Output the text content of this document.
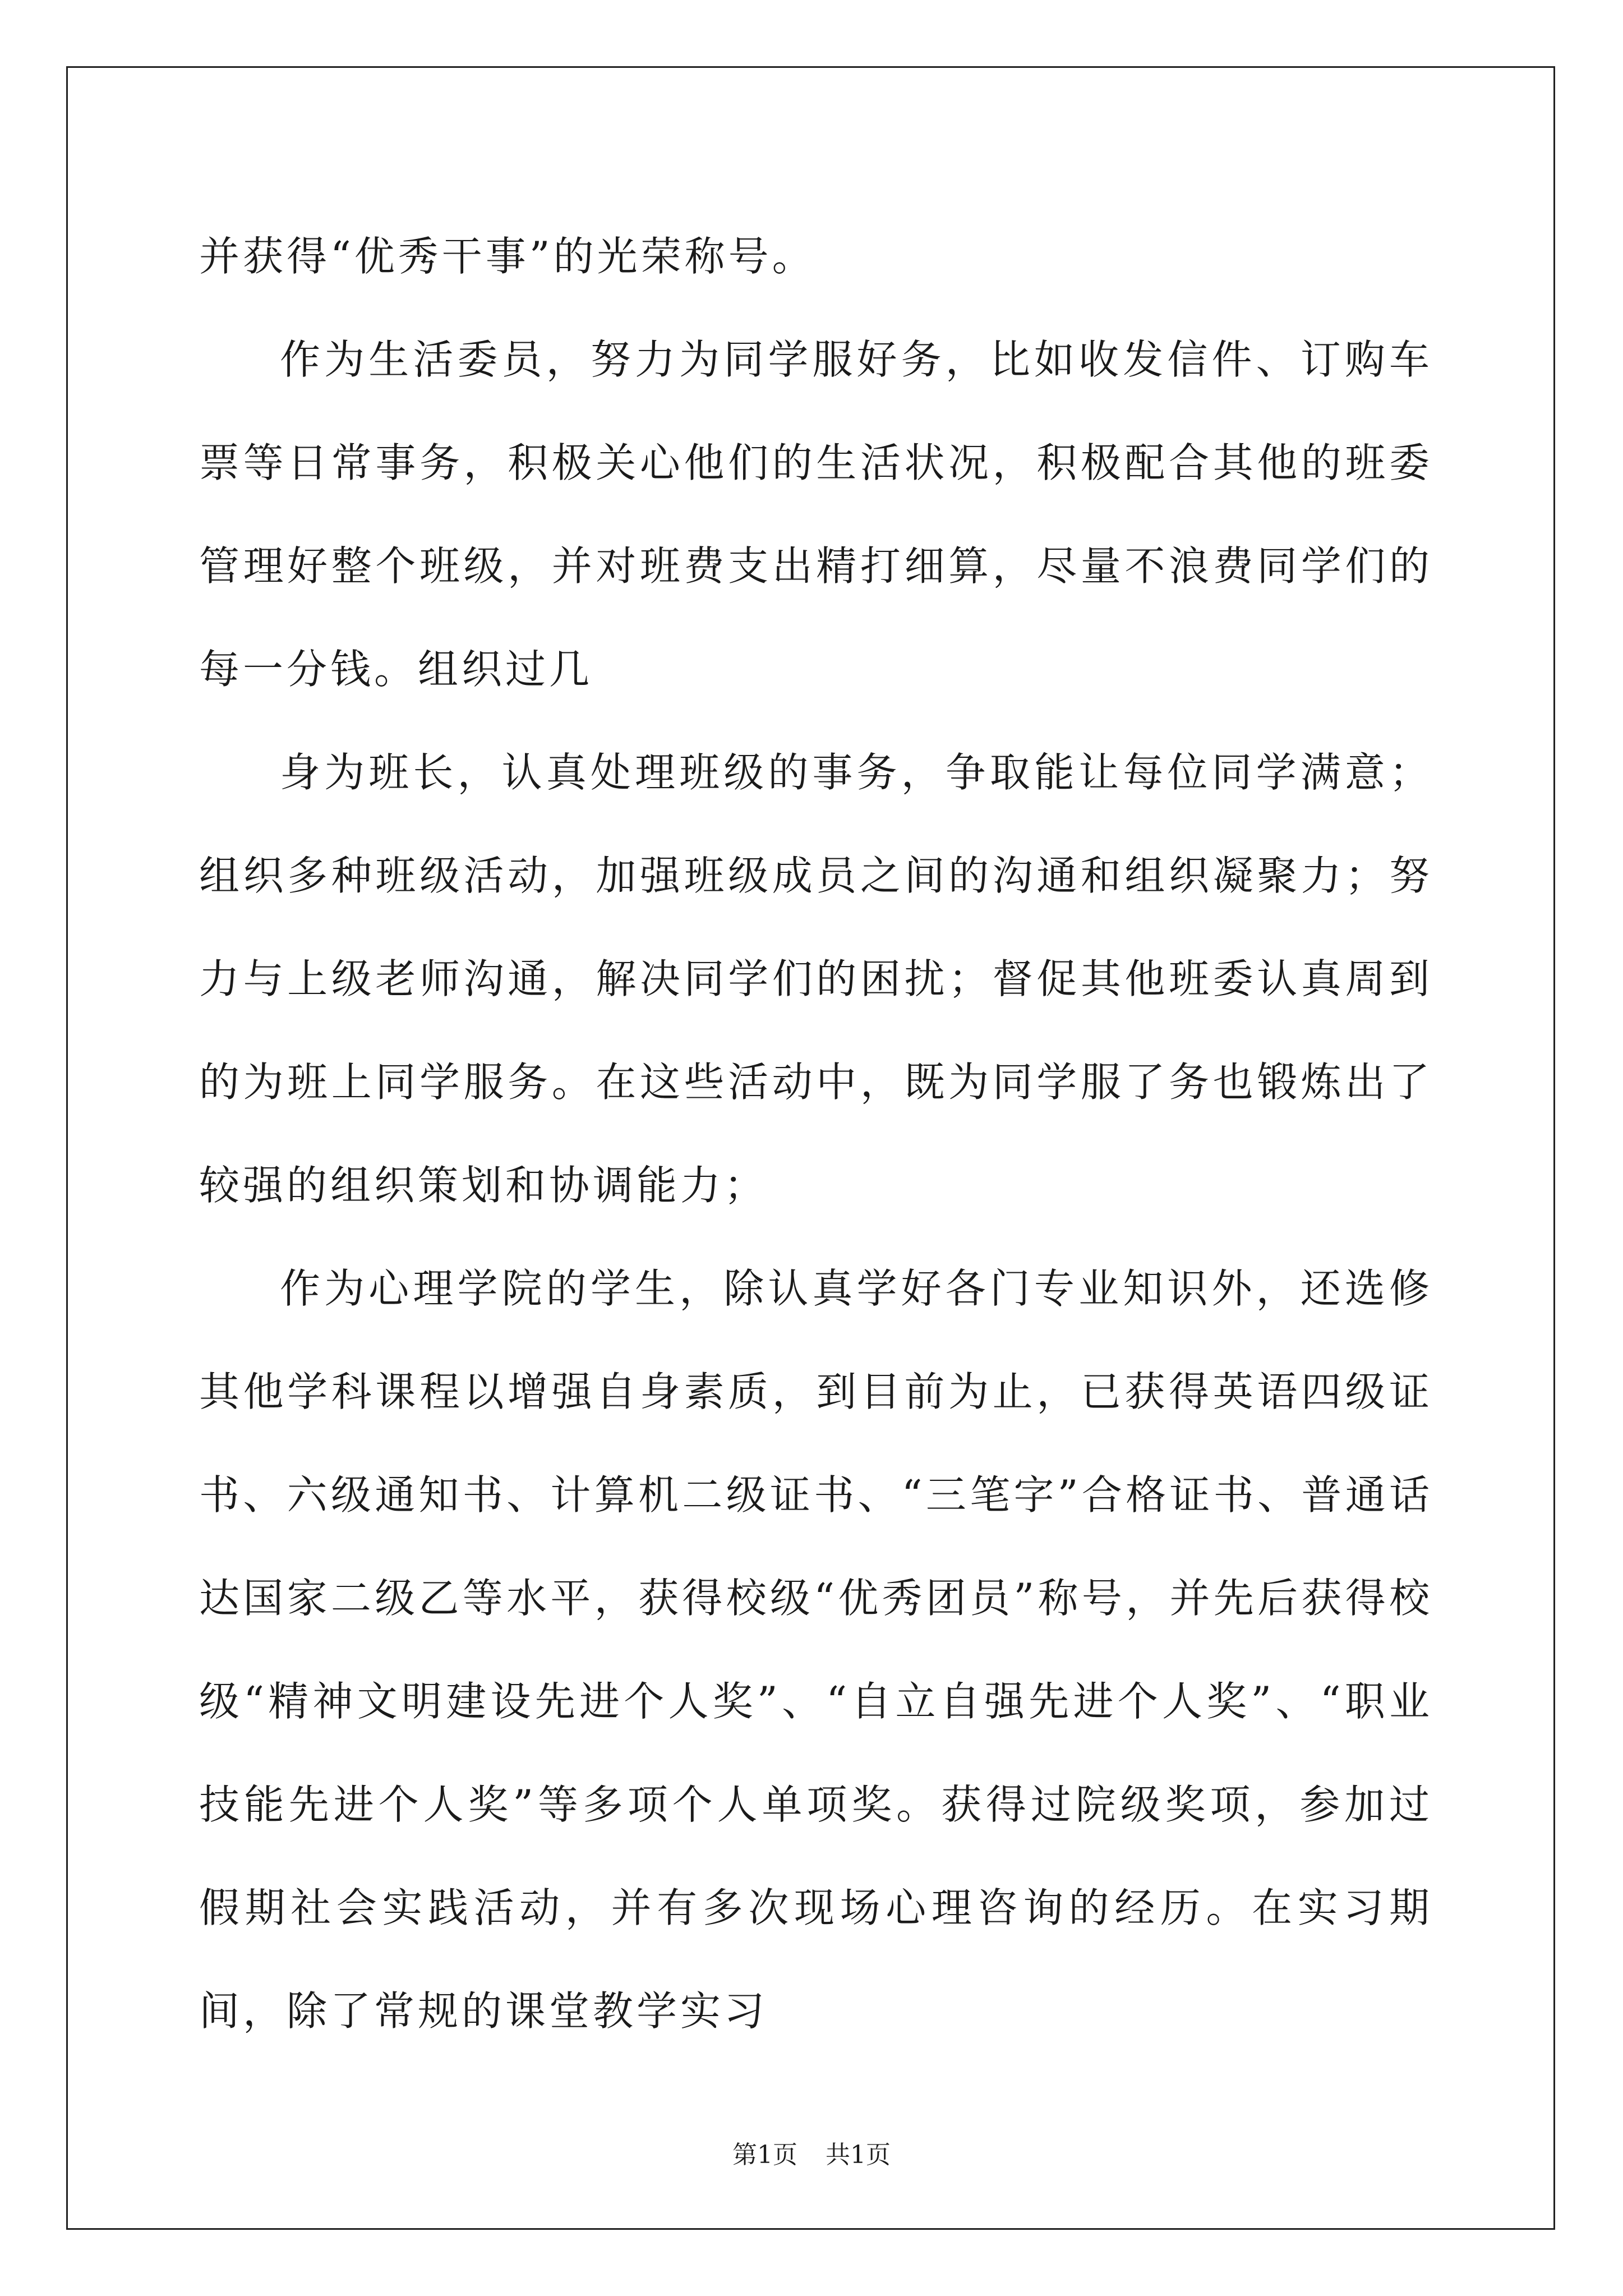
并获得“优秀干事”的光荣称号。

作为生活委员，努力为同学服好务，比如收发信件、订购车票等日常事务，积极关心他们的生活状况，积极配合其他的班委管理好整个班级，并对班费支出精打细算，尽量不浪费同学们的每一分钱。组织过几

身为班长，认真处理班级的事务，争取能让每位同学满意；组织多种班级活动，加强班级成员之间的沟通和组织凝聚力；努力与上级老师沟通，解决同学们的困扰；督促其他班委认真周到的为班上同学服务。在这些活动中，既为同学服了务也锻炼出了较强的组织策划和协调能力；

作为心理学院的学生，除认真学好各门专业知识外，还选修其他学科课程以增强自身素质，到目前为止，已获得英语四级证书、六级通知书、计算机二级证书、“三笔字”合格证书、普通话达国家二级乙等水平，获得校级“优秀团员”称号，并先后获得校级“精神文明建设先进个人奖”、“自立自强先进个人奖”、“职业技能先进个人奖”等多项个人单项奖。获得过院级奖项，参加过假期社会实践活动，并有多次现场心理咨询的经历。在实习期间，除了常规的课堂教学实习

第1页 共1页
